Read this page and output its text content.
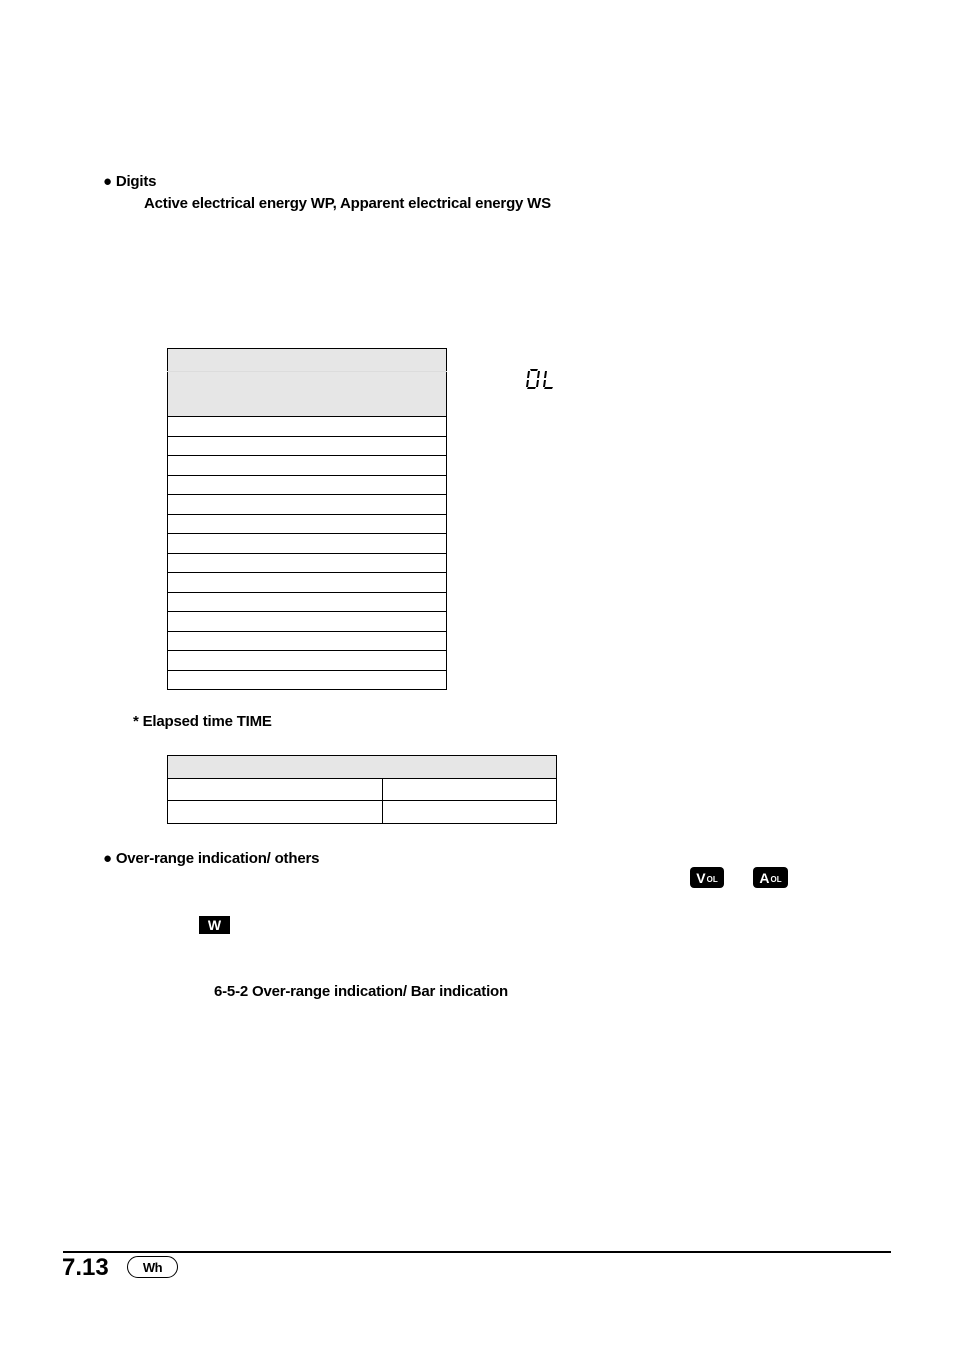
● Digits
Active electrical energy WP, Apparent electrical energy WS

* Elapsed time TIME

● Over-range indication/ others
V OL	A OL
W
6-5-2 Over-range indication/ Bar indication
7.13	Wh
